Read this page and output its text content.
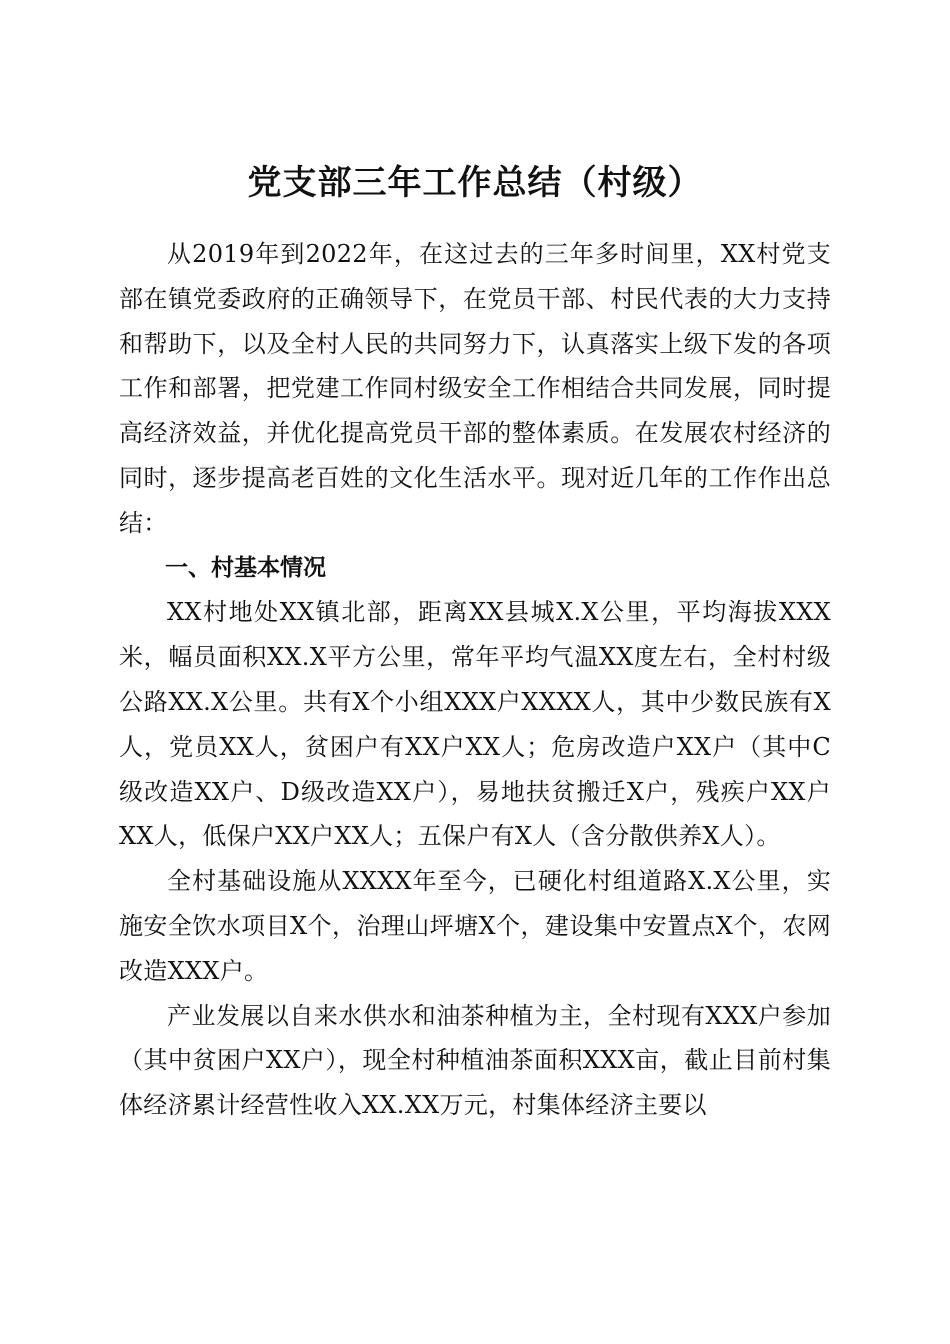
党支部三年工作总结（村级）

从2019年到2022年，在这过去的三年多时间里，XX村党支部在镇党委政府的正确领导下，在党员干部、村民代表的大力支持和帮助下，以及全村人民的共同努力下，认真落实上级下发的各项工作和部署，把党建工作同村级安全工作相结合共同发展，同时提高经济效益，并优化提高党员干部的整体素质。在发展农村经济的同时，逐步提高老百姓的文化生活水平。现对近几年的工作作出总结：

一、村基本情况

XX村地处XX镇北部，距离XX县城X.X公里，平均海拔XXX米，幅员面积XX.X平方公里，常年平均气温XX度左右，全村村级公路XX.X公里。共有X个小组XXX户XXXX人，其中少数民族有X人，党员XX人，贫困户有XX户XX人；危房改造户XX户（其中C级改造XX户、D级改造XX户），易地扶贫搬迁X户，残疾户XX户XX人，低保户XX户XX人；五保户有X人（含分散供养X人）。

全村基础设施从XXXX年至今，已硬化村组道路X.X公里，实施安全饮水项目X个，治理山坪塘X个，建设集中安置点X个，农网改造XXX户。

产业发展以自来水供水和油茶种植为主，全村现有XXX户参加（其中贫困户XX户），现全村种植油茶面积XXX亩，截止目前村集体经济累计经营性收入XX.XX万元，村集体经济主要以
